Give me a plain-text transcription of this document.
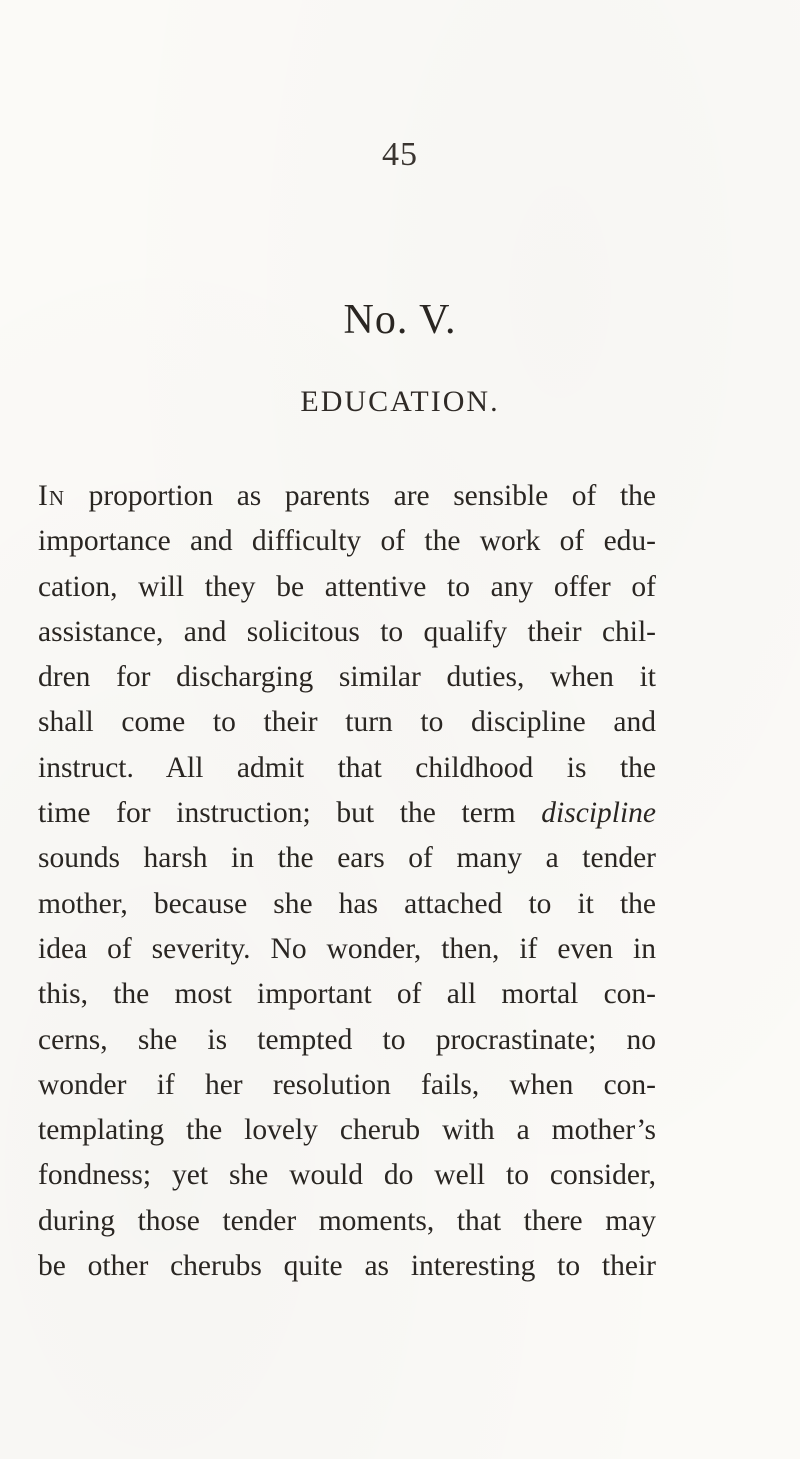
45
No. V.
EDUCATION.
In proportion as parents are sensible of the
importance and difficulty of the work of edu-
cation, will they be attentive to any offer of
assistance, and solicitous to qualify their chil-
dren for discharging similar duties, when it
shall come to their turn to discipline and
instruct. All admit that childhood is the
time for instruction; but the term discipline
sounds harsh in the ears of many a tender
mother, because she has attached to it the
idea of severity. No wonder, then, if even in
this, the most important of all mortal con-
cerns, she is tempted to procrastinate; no
wonder if her resolution fails, when con-
templating the lovely cherub with a mother’s
fondness; yet she would do well to consider,
during those tender moments, that there may
be other cherubs quite as interesting to their
